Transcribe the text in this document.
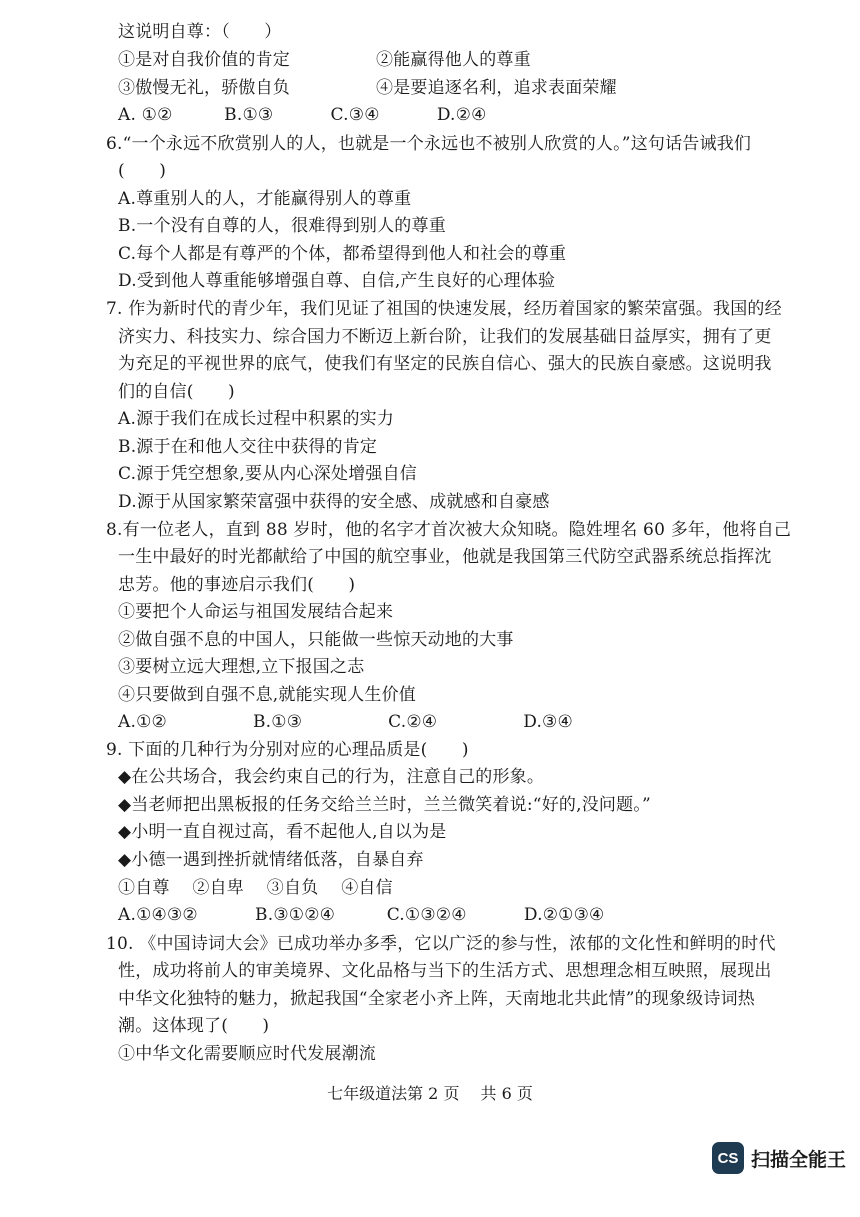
这说明自尊：（　　）
①是对自我价值的肯定　　　　　②能赢得他人的尊重
③傲慢无礼，骄傲自负　　　　　④是要追逐名利，追求表面荣耀
A. ①②　　　B.①③　　　 C.③④　　　 D.②④
6.“一个永远不欣赏别人的人，也就是一个永远也不被别人欣赏的人。”这句话告诫我们
(　　)
A.尊重别人的人，才能赢得别人的尊重
B.一个没有自尊的人，很难得到别人的尊重
C.每个人都是有尊严的个体，都希望得到他人和社会的尊重
D.受到他人尊重能够增强自尊、自信,产生良好的心理体验
7. 作为新时代的青少年，我们见证了祖国的快速发展，经历着国家的繁荣富强。我国的经
济实力、科技实力、综合国力不断迈上新台阶，让我们的发展基础日益厚实，拥有了更
为充足的平视世界的底气，使我们有坚定的民族自信心、强大的民族自豪感。这说明我
们的自信(　　)
A.源于我们在成长过程中积累的实力
B.源于在和他人交往中获得的肯定
C.源于凭空想象,要从内心深处增强自信
D.源于从国家繁荣富强中获得的安全感、成就感和自豪感
8.有一位老人，直到 88 岁时，他的名字才首次被大众知晓。隐姓埋名 60 多年，他将自己
一生中最好的时光都献给了中国的航空事业，他就是我国第三代防空武器系统总指挥沈
忠芳。他的事迹启示我们(　　)
①要把个人命运与祖国发展结合起来
②做自强不息的中国人，只能做一些惊天动地的大事
③要树立远大理想,立下报国之志
④只要做到自强不息,就能实现人生价值
A.①②　　　　　B.①③　　　　　C.②④　　　　　D.③④
9. 下面的几种行为分别对应的心理品质是(　　)
◆在公共场合，我会约束自己的行为，注意自己的形象。
◆当老师把出黑板报的任务交给兰兰时，兰兰微笑着说:“好的,没问题。”
◆小明一直自视过高，看不起他人,自以为是
◆小德一遇到挫折就情绪低落，自暴自弃
①自尊　 ②自卑　 ③自负　 ④自信
A.①④③②　　　 B.③①②④　　　C.①③②④　　　 D.②①③④
10. 《中国诗词大会》已成功举办多季，它以广泛的参与性，浓郁的文化性和鲜明的时代
性，成功将前人的审美境界、文化品格与当下的生活方式、思想理念相互映照，展现出
中华文化独特的魅力，掀起我国“全家老小齐上阵，天南地北共此情”的现象级诗词热
潮。这体现了(　　)
①中华文化需要顺应时代发展潮流
七年级道法第 2 页　 共 6 页
CS 扫描全能王
